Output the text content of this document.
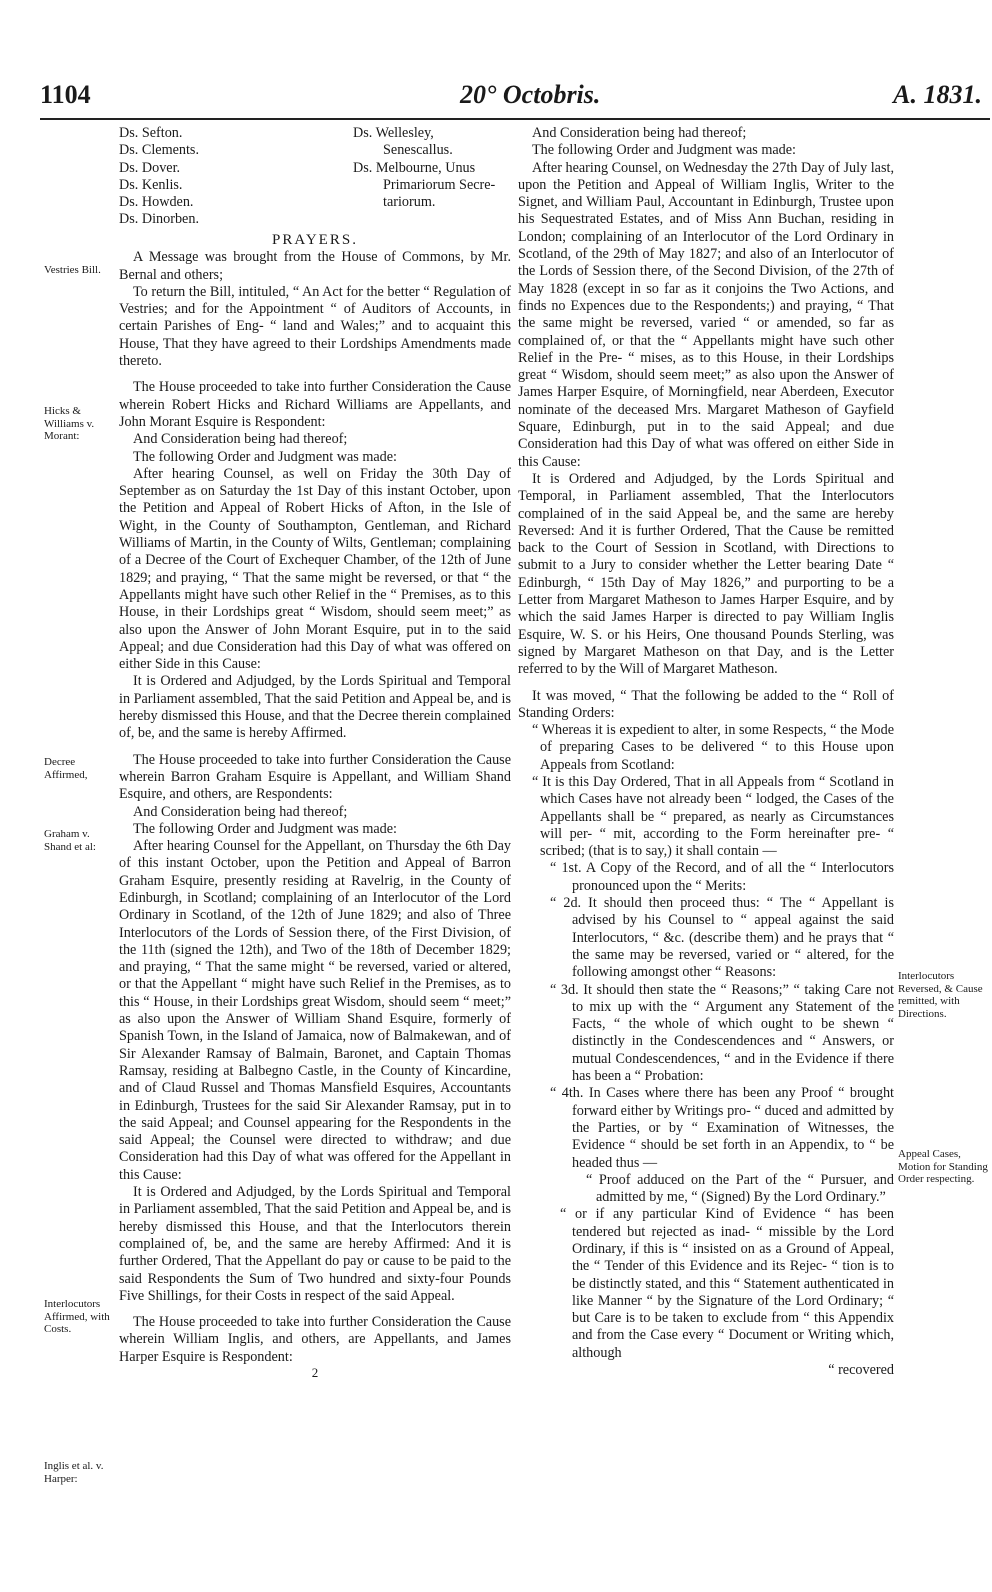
1104	20° Octobris.	A. 1831.
Ds. Sefton.
Ds. Clements.
Ds. Dover.
Ds. Kenlis.
Ds. Howden.
Ds. Dinorben.
Ds. Wellesley,
Senescallus.
Ds. Melbourne, Unus
Primariorum Secre-
tariorum.
Vestries Bill.
Hicks & Williams v. Morant:
Decree Affirmed,
Graham v. Shand et al:
Interlocutors Affirmed, with Costs.
Inglis et al. v. Harper:
Interlocutors Reversed, & Cause remitted, with Directions.
Appeal Cases, Motion for Standing Order respecting.

PRAYERS.

A Message was brought from the House of Commons, by Mr. Bernal and others;

To return the Bill, intituled, “ An Act for the better “ Regulation of Vestries; and for the Appointment “ of Auditors of Accounts, in certain Parishes of Eng- “ land and Wales;” and to acquaint this House, That they have agreed to their Lordships Amendments made thereto.

The House proceeded to take into further Consideration the Cause wherein Robert Hicks and Richard Williams are Appellants, and John Morant Esquire is Respondent:

And Consideration being had thereof;

The following Order and Judgment was made:

After hearing Counsel, as well on Friday the 30th Day of September as on Saturday the 1st Day of this instant October, upon the Petition and Appeal of Robert Hicks of Afton, in the Isle of Wight, in the County of Southampton, Gentleman, and Richard Williams of Martin, in the County of Wilts, Gentleman; complaining of a Decree of the Court of Exchequer Chamber, of the 12th of June 1829; and praying, “ That the same might be reversed, or that “ the Appellants might have such other Relief in the “ Premises, as to this House, in their Lordships great “ Wisdom, should seem meet;” as also upon the Answer of John Morant Esquire, put in to the said Appeal; and due Consideration had this Day of what was offered on either Side in this Cause:

It is Ordered and Adjudged, by the Lords Spiritual and Temporal in Parliament assembled, That the said Petition and Appeal be, and is hereby dismissed this House, and that the Decree therein complained of, be, and the same is hereby Affirmed.

The House proceeded to take into further Consideration the Cause wherein Barron Graham Esquire is Appellant, and William Shand Esquire, and others, are Respondents:

And Consideration being had thereof;

The following Order and Judgment was made:

After hearing Counsel for the Appellant, on Thursday the 6th Day of this instant October, upon the Petition and Appeal of Barron Graham Esquire, presently residing at Ravelrig, in the County of Edinburgh, in Scotland; complaining of an Interlocutor of the Lord Ordinary in Scotland, of the 12th of June 1829; and also of Three Interlocutors of the Lords of Session there, of the First Division, of the 11th (signed the 12th), and Two of the 18th of December 1829; and praying, “ That the same might “ be reversed, varied or altered, or that the Appellant “ might have such Relief in the Premises, as to this “ House, in their Lordships great Wisdom, should seem “ meet;” as also upon the Answer of William Shand Esquire, formerly of Spanish Town, in the Island of Jamaica, now of Balmakewan, and of Sir Alexander Ramsay of Balmain, Baronet, and Captain Thomas Ramsay, residing at Balbegno Castle, in the County of Kincardine, and of Claud Russel and Thomas Mansfield Esquires, Accountants in Edinburgh, Trustees for the said Sir Alexander Ramsay, put in to the said Appeal; and Counsel appearing for the Respondents in the said Appeal; the Counsel were directed to withdraw; and due Consideration had this Day of what was offered for the Appellant in this Cause:

It is Ordered and Adjudged, by the Lords Spiritual and Temporal in Parliament assembled, That the said Petition and Appeal be, and is hereby dismissed this House, and that the Interlocutors therein complained of, be, and the same are hereby Affirmed: And it is further Ordered, That the Appellant do pay or cause to be paid to the said Respondents the Sum of Two hundred and sixty-four Pounds Five Shillings, for their Costs in respect of the said Appeal.

The House proceeded to take into further Consideration the Cause wherein William Inglis, and others, are Appellants, and James Harper Esquire is Respondent:

2

And Consideration being had thereof;

The following Order and Judgment was made:

After hearing Counsel, on Wednesday the 27th Day of July last, upon the Petition and Appeal of William Inglis, Writer to the Signet, and William Paul, Accountant in Edinburgh, Trustee upon his Sequestrated Estates, and of Miss Ann Buchan, residing in London; complaining of an Interlocutor of the Lord Ordinary in Scotland, of the 29th of May 1827; and also of an Interlocutor of the Lords of Session there, of the Second Division, of the 27th of May 1828 (except in so far as it conjoins the Two Actions, and finds no Expences due to the Respondents;) and praying, “ That the same might be reversed, varied “ or amended, so far as complained of, or that the “ Appellants might have such other Relief in the Pre- “ mises, as to this House, in their Lordships great “ Wisdom, should seem meet;” as also upon the Answer of James Harper Esquire, of Morningfield, near Aberdeen, Executor nominate of the deceased Mrs. Margaret Matheson of Gayfield Square, Edinburgh, put in to the said Appeal; and due Consideration had this Day of what was offered on either Side in this Cause:

It is Ordered and Adjudged, by the Lords Spiritual and Temporal, in Parliament assembled, That the Interlocutors complained of in the said Appeal be, and the same are hereby Reversed: And it is further Ordered, That the Cause be remitted back to the Court of Session in Scotland, with Directions to submit to a Jury to consider whether the Letter bearing Date “ Edinburgh, “ 15th Day of May 1826,” and purporting to be a Letter from Margaret Matheson to James Harper Esquire, and by which the said James Harper is directed to pay William Inglis Esquire, W. S. or his Heirs, One thousand Pounds Sterling, was signed by Margaret Matheson on that Day, and is the Letter referred to by the Will of Margaret Matheson.

It was moved, “ That the following be added to the “ Roll of Standing Orders:

“ Whereas it is expedient to alter, in some Respects, “ the Mode of preparing Cases to be delivered “ to this House upon Appeals from Scotland:
“ It is this Day Ordered, That in all Appeals from “ Scotland in which Cases have not already been “ lodged, the Cases of the Appellants shall be “ prepared, as nearly as Circumstances will per- “ mit, according to the Form hereinafter pre- “ scribed; (that is to say,) it shall contain —
“ 1st. A Copy of the Record, and of all the “ Interlocutors pronounced upon the “ Merits:
“ 2d. It should then proceed thus: “ The “ Appellant is advised by his Counsel to “ appeal against the said Interlocutors, “ &c. (describe them) and he prays that “ the same may be reversed, varied or “ altered, for the following amongst other “ Reasons:
“ 3d. It should then state the “ Reasons;” “ taking Care not to mix up with the “ Argument any Statement of the Facts, “ the whole of which ought to be shewn “ distinctly in the Condescendences and “ Answers, or mutual Condescendences, “ and in the Evidence if there has been a “ Probation:
“ 4th. In Cases where there has been any Proof “ brought forward either by Writings pro- “ duced and admitted by the Parties, or by “ Examination of Witnesses, the Evidence “ should be set forth in an Appendix, to “ be headed thus —
“ Proof adduced on the Part of the “ Pursuer, and admitted by me, “ (Signed) By the Lord Ordinary.”
“ or if any particular Kind of Evidence “ has been tendered but rejected as inad- “ missible by the Lord Ordinary, if this is “ insisted on as a Ground of Appeal, the “ Tender of this Evidence and its Rejec- “ tion is to be distinctly stated, and this “ Statement authenticated in like Manner “ by the Signature of the Lord Ordinary; “ but Care is to be taken to exclude from “ this Appendix and from the Case every “ Document or Writing which, although
“ recovered
